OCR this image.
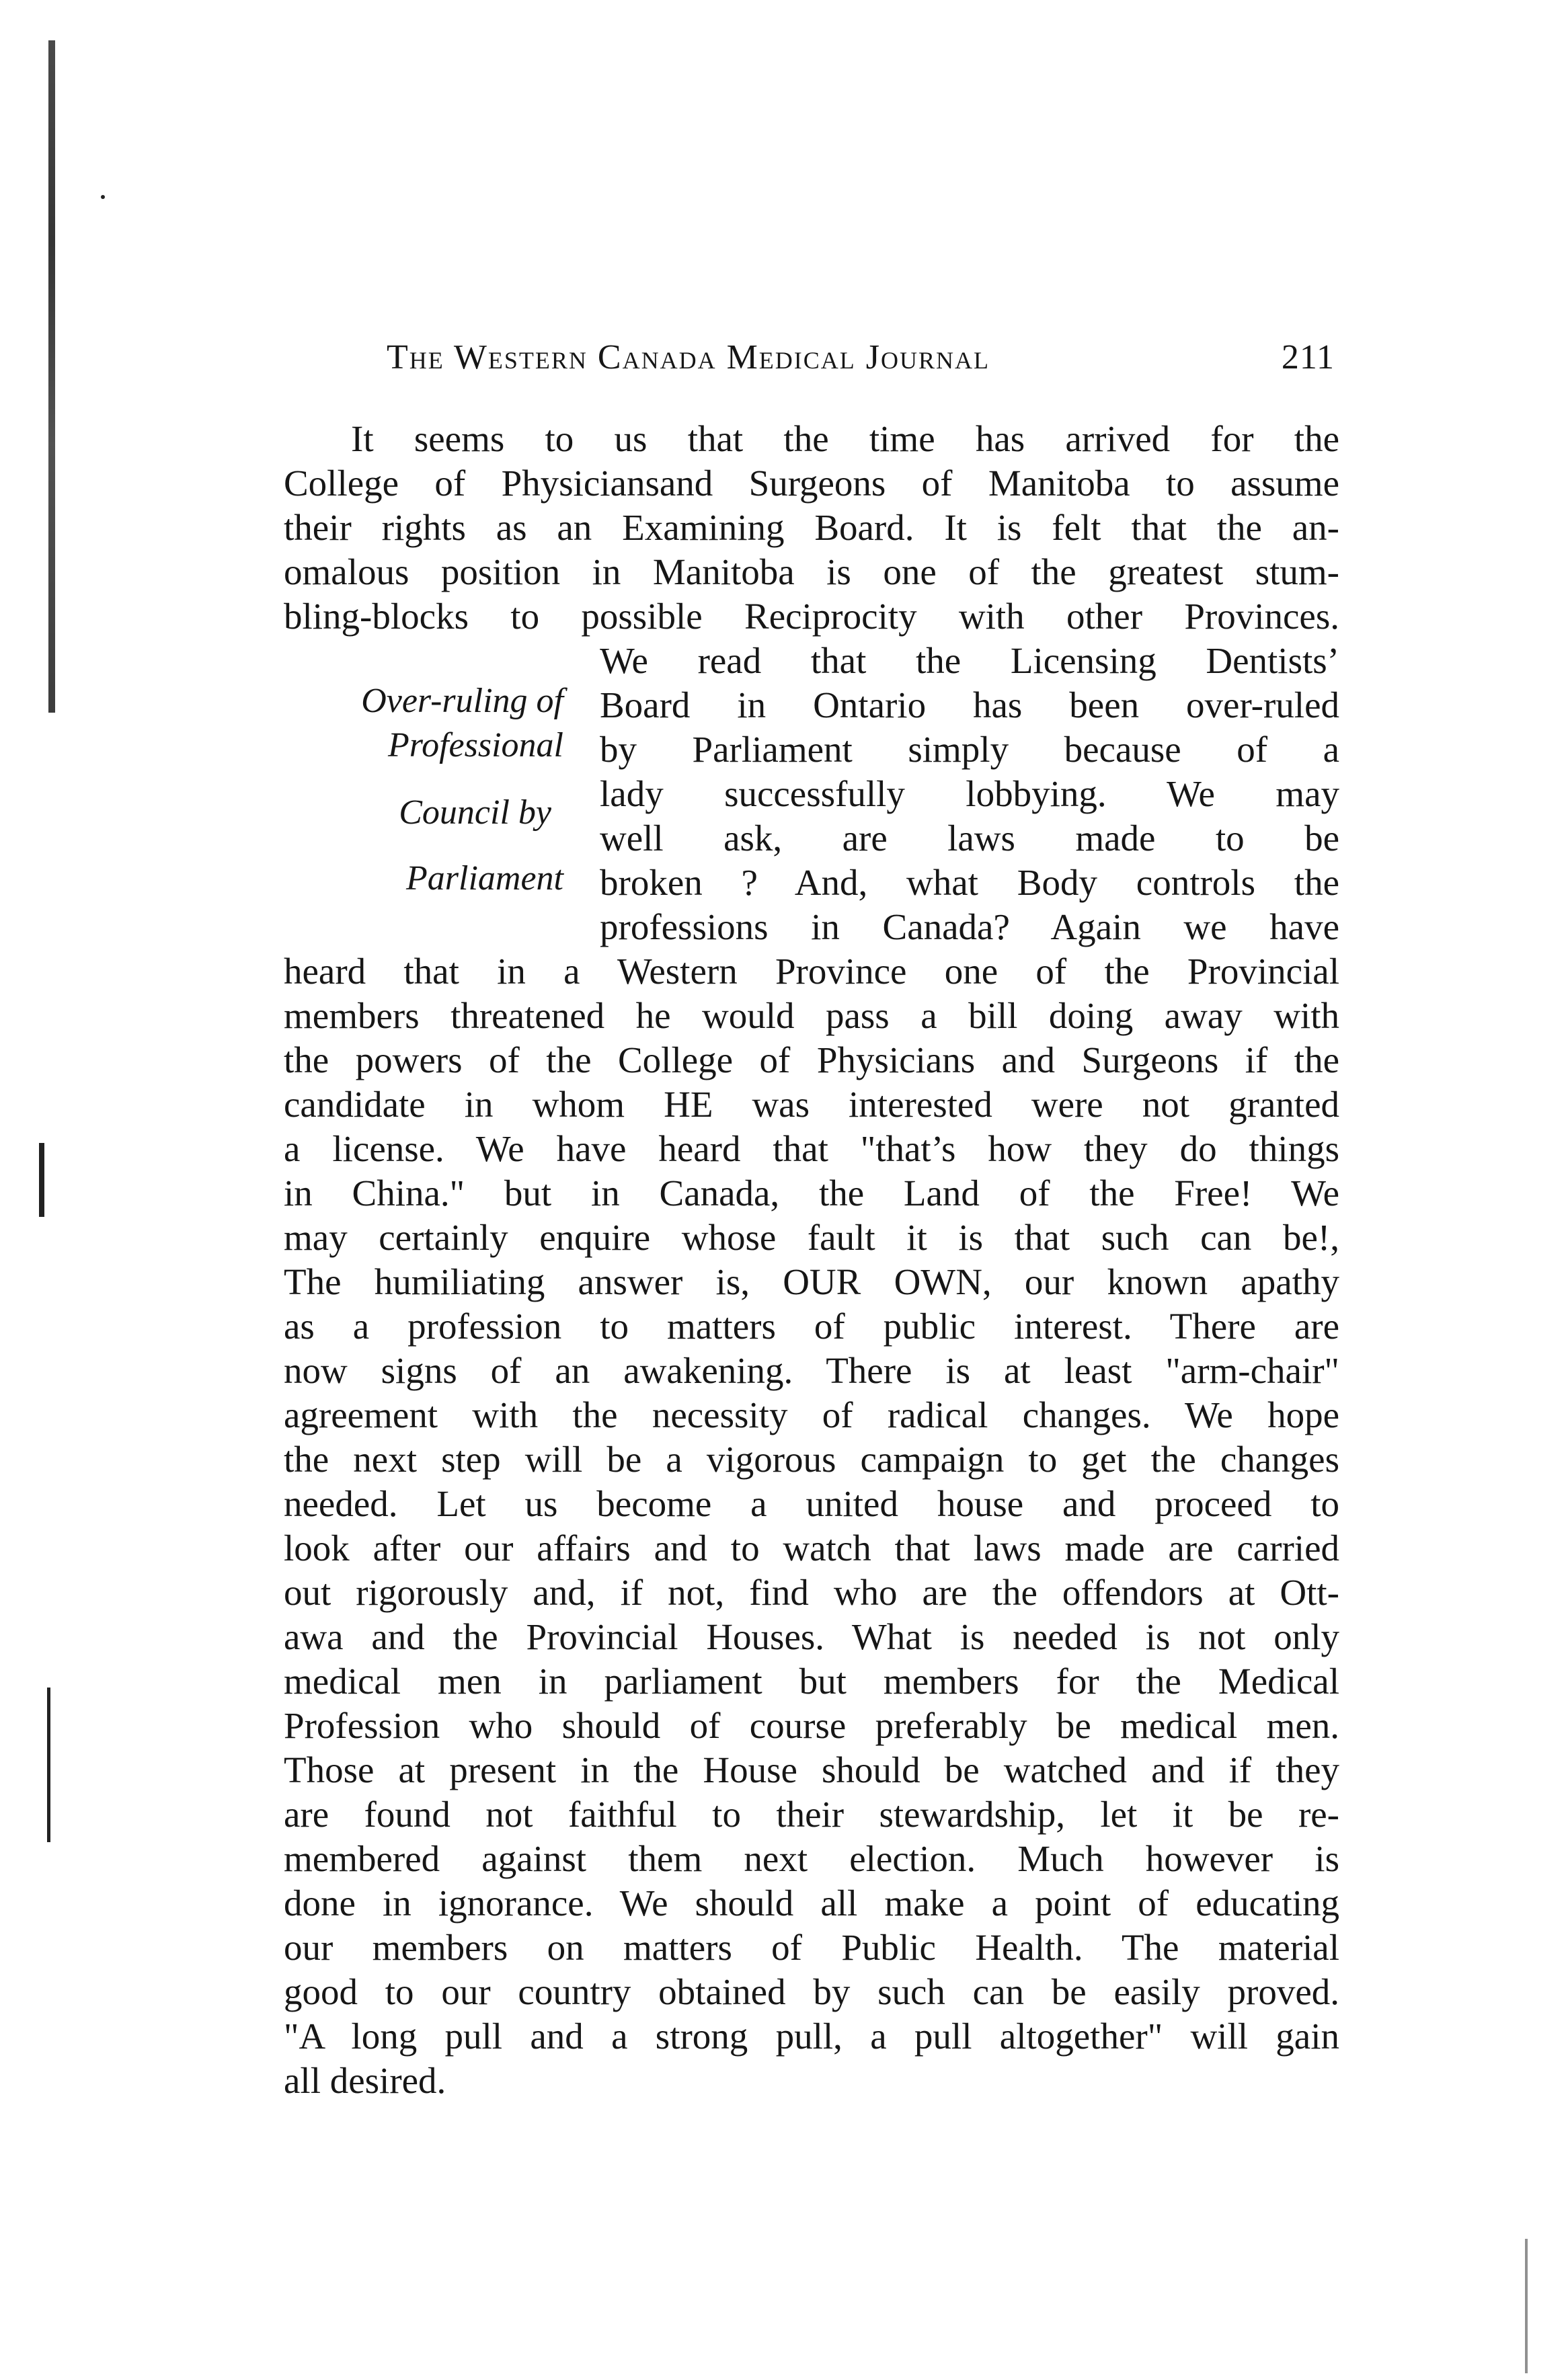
The Western Canada Medical Journal	211
Over-ruling of
Professional
Council by
Parliament
It seems to us that the time has arrived for the
College of Physiciansand Surgeons of Manitoba to assume
their rights as an Examining Board. It is felt that the an-
omalous position in Manitoba is one of the greatest stum-
bling-blocks to possible Reciprocity with other Provinces.
We read that the Licensing Dentists’
Board in Ontario has been over-ruled
by Parliament simply because of a
lady successfully lobbying. We may
well ask, are laws made to be
broken ? And, what Body controls the
professions in Canada? Again we have
heard that in a Western Province one of the Provincial
members threatened he would pass a bill doing away with
the powers of the College of Physicians and Surgeons if the
candidate in whom HE was interested were not granted
a license. We have heard that "that’s how they do things
in China." but in Canada, the Land of the Free! We
may certainly enquire whose fault it is that such can be!,
The humiliating answer is, OUR OWN, our known apathy
as a profession to matters of public interest. There are
now signs of an awakening. There is at least "arm-chair"
agreement with the necessity of radical changes. We hope
the next step will be a vigorous campaign to get the changes
needed. Let us become a united house and proceed to
look after our affairs and to watch that laws made are carried
out rigorously and, if not, find who are the offendors at Ott-
awa and the Provincial Houses. What is needed is not only
medical men in parliament but members for the Medical
Profession who should of course preferably be medical men.
Those at present in the House should be watched and if they
are found not faithful to their stewardship, let it be re-
membered against them next election. Much however is
done in ignorance. We should all make a point of educating
our members on matters of Public Health. The material
good to our country obtained by such can be easily proved.
"A long pull and a strong pull, a pull altogether" will gain
all desired.
